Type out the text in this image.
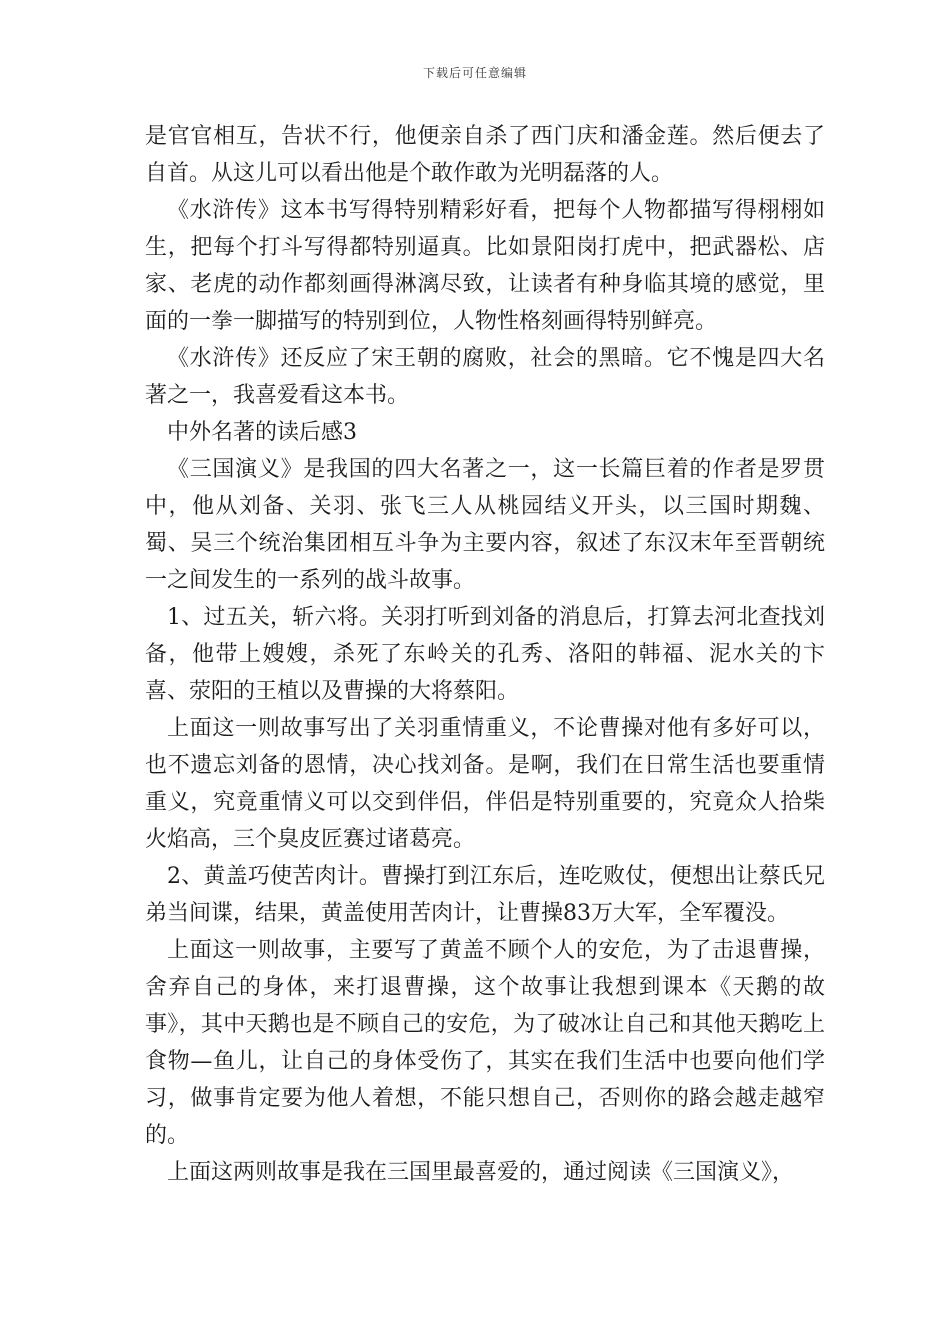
下载后可任意编辑

是官官相互，告状不行，他便亲自杀了西门庆和潘金莲。然后便去了自首。从这儿可以看出他是个敢作敢为光明磊落的人。

《水浒传》这本书写得特别精彩好看，把每个人物都描写得栩栩如生，把每个打斗写得都特别逼真。比如景阳岗打虎中，把武器松、店家、老虎的动作都刻画得淋漓尽致，让读者有种身临其境的感觉，里面的一拳一脚描写的特别到位，人物性格刻画得特别鲜亮。

《水浒传》还反应了宋王朝的腐败，社会的黑暗。它不愧是四大名著之一，我喜爱看这本书。

中外名著的读后感3

《三国演义》是我国的四大名著之一，这一长篇巨着的作者是罗贯中，他从刘备、关羽、张飞三人从桃园结义开头，以三国时期魏、蜀、吴三个统治集团相互斗争为主要内容，叙述了东汉末年至晋朝统一之间发生的一系列的战斗故事。

1、过五关，斩六将。关羽打听到刘备的消息后，打算去河北查找刘备，他带上嫂嫂，杀死了东岭关的孔秀、洛阳的韩福、泥水关的卞喜、荥阳的王植以及曹操的大将蔡阳。

上面这一则故事写出了关羽重情重义，不论曹操对他有多好可以，也不遗忘刘备的恩情，决心找刘备。是啊，我们在日常生活也要重情重义，究竟重情义可以交到伴侣，伴侣是特别重要的，究竟众人拾柴火焰高，三个臭皮匠赛过诸葛亮。

2、黄盖巧使苦肉计。曹操打到江东后，连吃败仗，便想出让蔡氏兄弟当间谍，结果，黄盖使用苦肉计，让曹操83万大军，全军覆没。

上面这一则故事，主要写了黄盖不顾个人的安危，为了击退曹操，舍弃自己的身体，来打退曹操，这个故事让我想到课本《天鹅的故事》，其中天鹅也是不顾自己的安危，为了破冰让自己和其他天鹅吃上食物—鱼儿，让自己的身体受伤了，其实在我们生活中也要向他们学习，做事肯定要为他人着想，不能只想自己，否则你的路会越走越窄的。

上面这两则故事是我在三国里最喜爱的，通过阅读《三国演义》，
